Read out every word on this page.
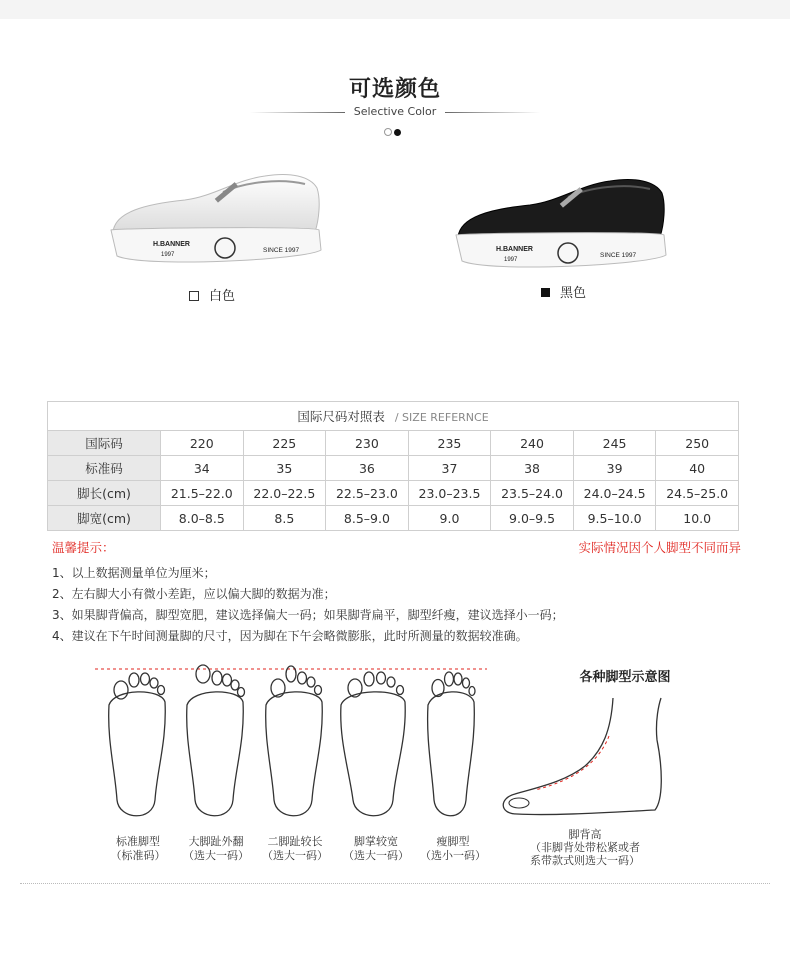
可选颜色
Selective Color
H.BANNER
1997
SINCE 1997
白色
H.BANNER
1997
SINCE 1997
黑色
国际尺码对照表 / SIZE REFERNCE							
国际码	220	225	230	235	240	245	250
标准码	34	35	36	37	38	39	40
脚长(cm)	21.5–22.0	22.0–22.5	22.5–23.0	23.0–23.5	23.5–24.0	24.0–24.5	24.5–25.0
脚宽(cm)	8.0–8.5	8.5	8.5–9.0	9.0	9.0–9.5	9.5–10.0	10.0
温馨提示：	实际情况因个人脚型不同而异
1、以上数据测量单位为厘米；
2、左右脚大小有微小差距，应以偏大脚的数据为准；
3、如果脚背偏高，脚型宽肥，建议选择偏大一码；如果脚背扁平，脚型纤瘦，建议选择小一码；
4、建议在下午时间测量脚的尺寸，因为脚在下午会略微膨胀，此时所测量的数据较准确。
标准脚型
（标准码）
大脚趾外翻
（选大一码）
二脚趾较长
（选大一码）
脚掌较宽
（选大一码）
瘦脚型
（选小一码）
各种脚型示意图
脚背高
（非脚背处带松紧或者
系带款式则选大一码）
